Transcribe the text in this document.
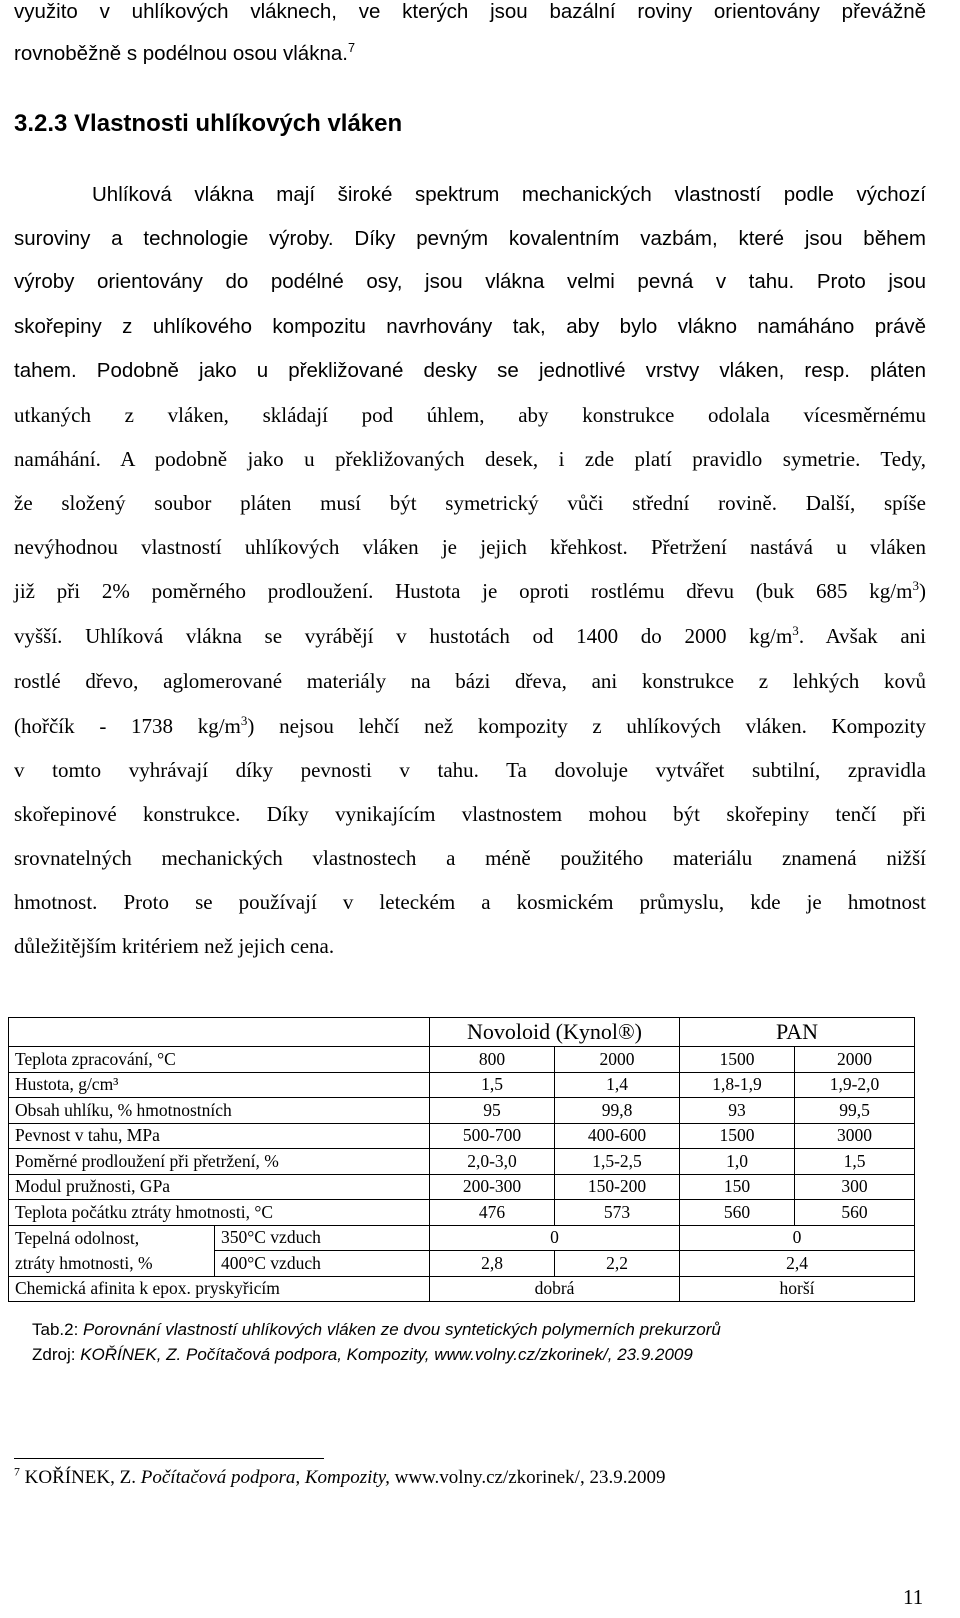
využito v uhlíkových vláknech, ve kterých jsou bazální roviny orientovány převážně
rovnoběžně s podélnou osou vlákna.$^7$
3.2.3 Vlastnosti uhlíkových vláken
Uhlíková vlákna mají široké spektrum mechanických vlastností podle výchozí
suroviny a technologie výroby. Díky pevným kovalentním vazbám, které jsou během
výroby orientovány do podélné osy, jsou vlákna velmi pevná v tahu. Proto jsou
skořepiny z uhlíkového kompozitu navrhovány tak, aby bylo vlákno namáháno právě
tahem. Podobně jako u překližované desky se jednotlivé vrstvy vláken, resp. pláten
utkaných z vláken, skládají pod úhlem, aby konstrukce odolala vícesměrnému
namáhání. A podobně jako u překližovaných desek, i zde platí pravidlo symetrie. Tedy,
že složený soubor pláten musí být symetrický vůči střední rovině. Další, spíše
nevýhodnou vlastností uhlíkových vláken je jejich křehkost. Přetržení nastává u vláken
již při 2% poměrného prodloužení. Hustota je oproti rostlému dřevu (buk 685 $kg/m^3$)
vyšší. Uhlíková vlákna se vyrábějí v hustotách od 1400 do 2000 $kg/m^3$. Avšak ani
rostlé dřevo, aglomerované materiály na bázi dřeva, ani konstrukce z lehkých kovů
(hořčík - 1738 $kg/m^3$) nejsou lehčí než kompozity z uhlíkových vláken. Kompozity
v tomto vyhrávají díky pevnosti v tahu. Ta dovoluje vytvářet subtilní, zpravidla
skořepinové konstrukce. Díky vynikajícím vlastnostem mohou být skořepiny tenčí při
srovnatelných mechanických vlastnostech a méně použitého materiálu znamená nižší
hmotnost. Proto se používají v leteckém a kosmickém průmyslu, kde je hmotnost
důležitějším kritériem než jejich cena.
		Novoloid (Kynol®)		PAN	
Teplota zpracování, °C		800	2000	1500	2000
Hustota, g/cm³		1,5	1,4	1,8-1,9	1,9-2,0
Obsah uhlíku, % hmotnostních		95	99,8	93	99,5
Pevnost v tahu, MPa		500-700	400-600	1500	3000
Poměrné prodloužení při přetržení, %		2,0-3,0	1,5-2,5	1,0	1,5
Modul pružnosti, GPa		200-300	150-200	150	300
Teplota počátku ztráty hmotnosti, °C		476	573	560	560
Tepelná odolnost,	350°C vzduch	0		0	
ztráty hmotnosti, %	400°C vzduch	2,8	2,2	2,4	
Chemická afinita k epox. pryskyřicím		dobrá		horší	
Tab.2: Porovnání vlastností uhlíkových vláken ze dvou syntetických polymerních prekurzorů
Zdroj: KOŘÍNEK, Z. Počítačová podpora, Kompozity, www.volny.cz/zkorinek/, 23.9.2009
$^7$ KOŘÍNEK, Z. Počítačová podpora, Kompozity, www.volny.cz/zkorinek/, 23.9.2009
11
